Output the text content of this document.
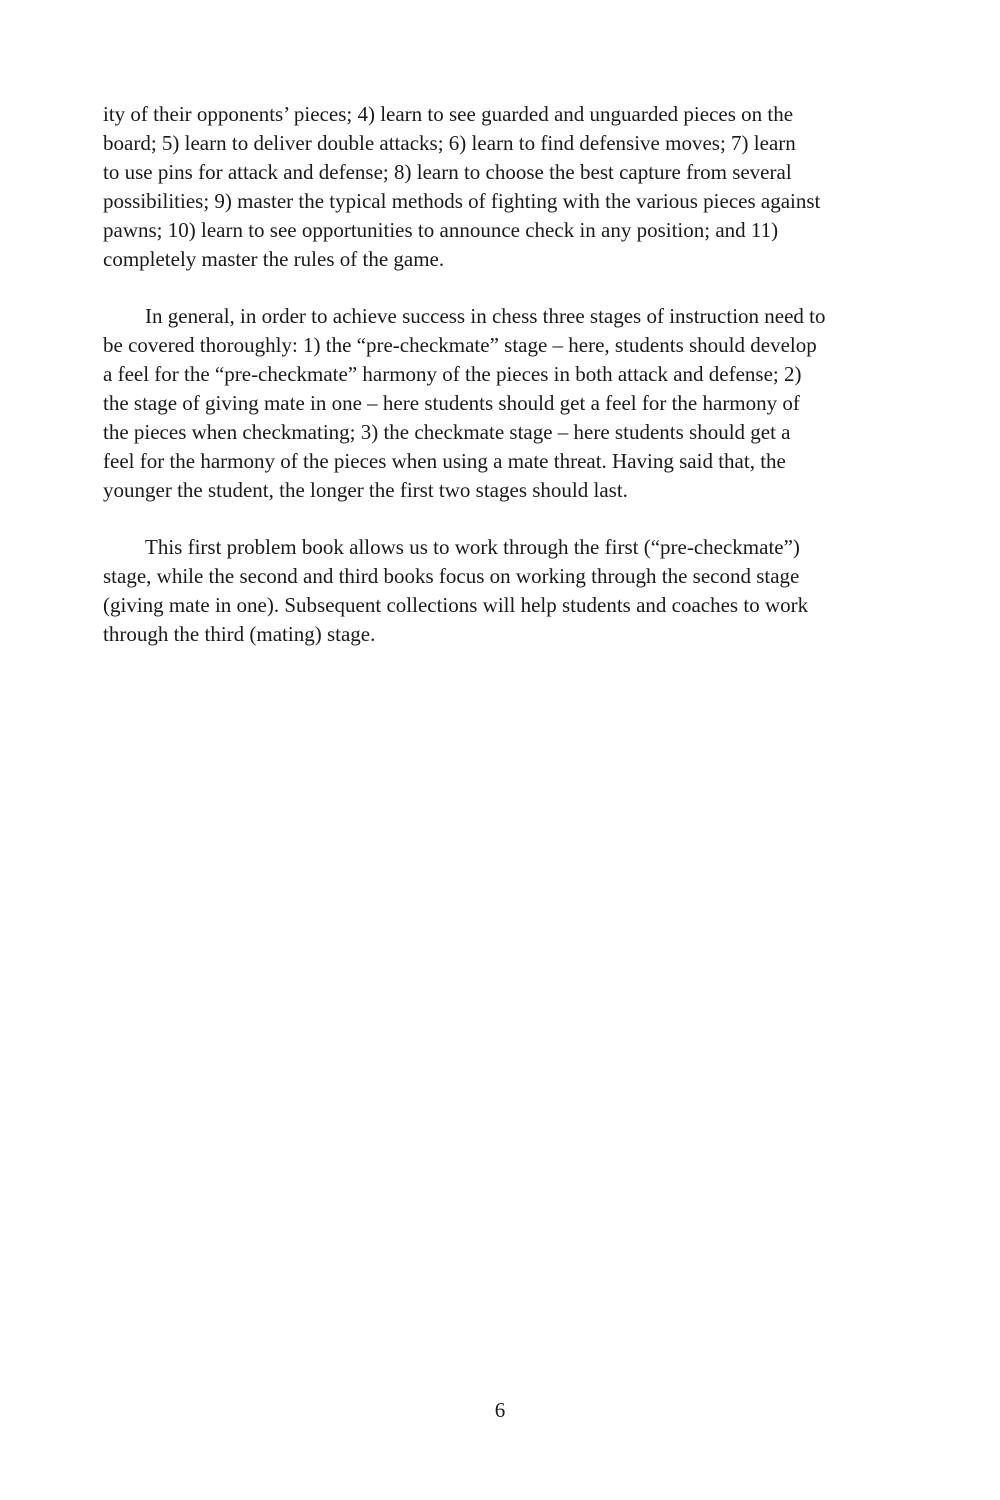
ity of their opponents’ pieces; 4) learn to see guarded and unguarded pieces on the
board; 5) learn to deliver double attacks; 6) learn to find defensive moves; 7) learn
to use pins for attack and defense; 8) learn to choose the best capture from several
possibilities; 9) master the typical methods of fighting with the various pieces against
pawns; 10) learn to see opportunities to announce check in any position; and 11)
completely master the rules of the game.

In general, in order to achieve success in chess three stages of instruction need to
be covered thoroughly: 1) the “pre-checkmate” stage – here, students should develop
a feel for the “pre-checkmate” harmony of the pieces in both attack and defense; 2)
the stage of giving mate in one – here students should get a feel for the harmony of
the pieces when checkmating; 3) the checkmate stage – here students should get a
feel for the harmony of the pieces when using a mate threat. Having said that, the
younger the student, the longer the first two stages should last.

This first problem book allows us to work through the first (“pre-checkmate”)
stage, while the second and third books focus on working through the second stage
(giving mate in one). Subsequent collections will help students and coaches to work
through the third (mating) stage.

6
